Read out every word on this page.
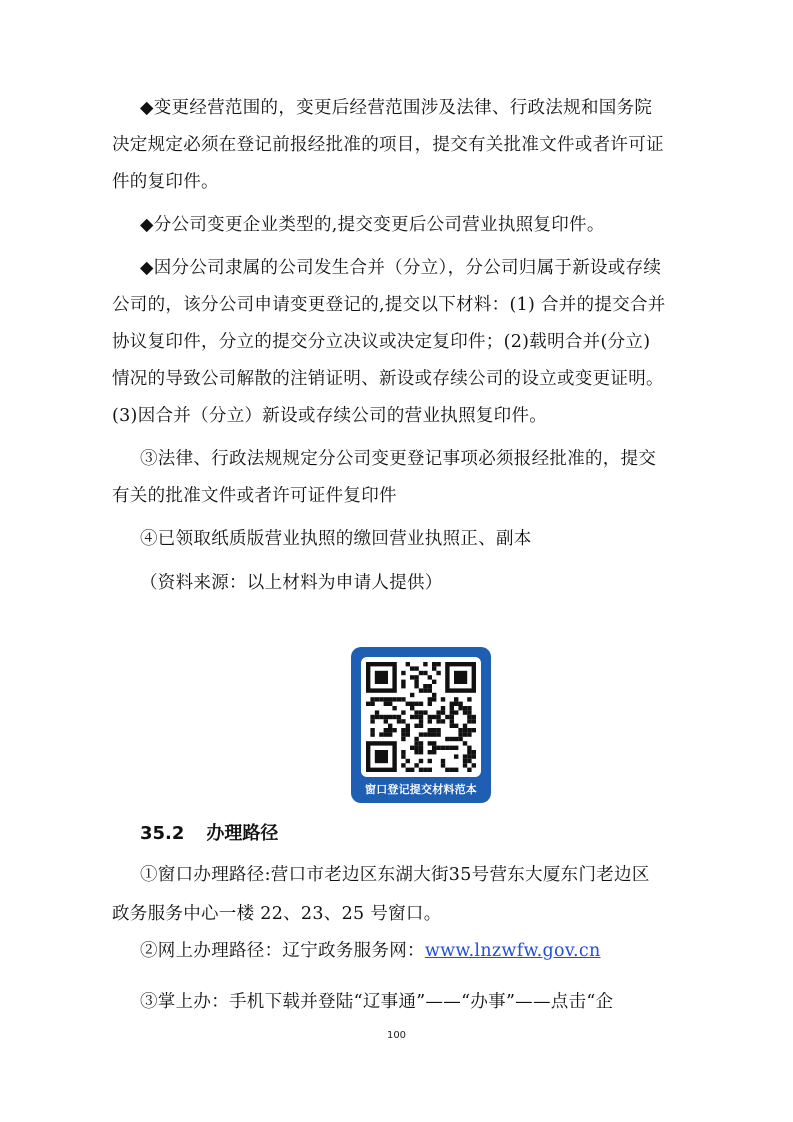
◆变更经营范围的，变更后经营范围涉及法律、行政法规和国务院
决定规定必须在登记前报经批准的项目，提交有关批准文件或者许可证
件的复印件。
◆分公司变更企业类型的,提交变更后公司营业执照复印件。
◆因分公司隶属的公司发生合并（分立），分公司归属于新设或存续
公司的，该分公司申请变更登记的,提交以下材料：(1) 合并的提交合并
协议复印件，分立的提交分立决议或决定复印件；(2)载明合并(分立)
情况的导致公司解散的注销证明、新设或存续公司的设立或变更证明。
(3)因合并（分立）新设或存续公司的营业执照复印件。
③法律、行政法规规定分公司变更登记事项必须报经批准的，提交
有关的批准文件或者许可证件复印件
④已领取纸质版营业执照的缴回营业执照正、副本
（资料来源：以上材料为申请人提供）
窗口登记提交材料范本
35.2 办理路径
①窗口办理路径:营口市老边区东湖大街35号营东大厦东门老边区
政务服务中心一楼 22、23、25 号窗口。
②网上办理路径：辽宁政务服务网：www.lnzwfw.gov.cn
③掌上办：手机下载并登陆“辽事通”——“办事”——点击“企
100
